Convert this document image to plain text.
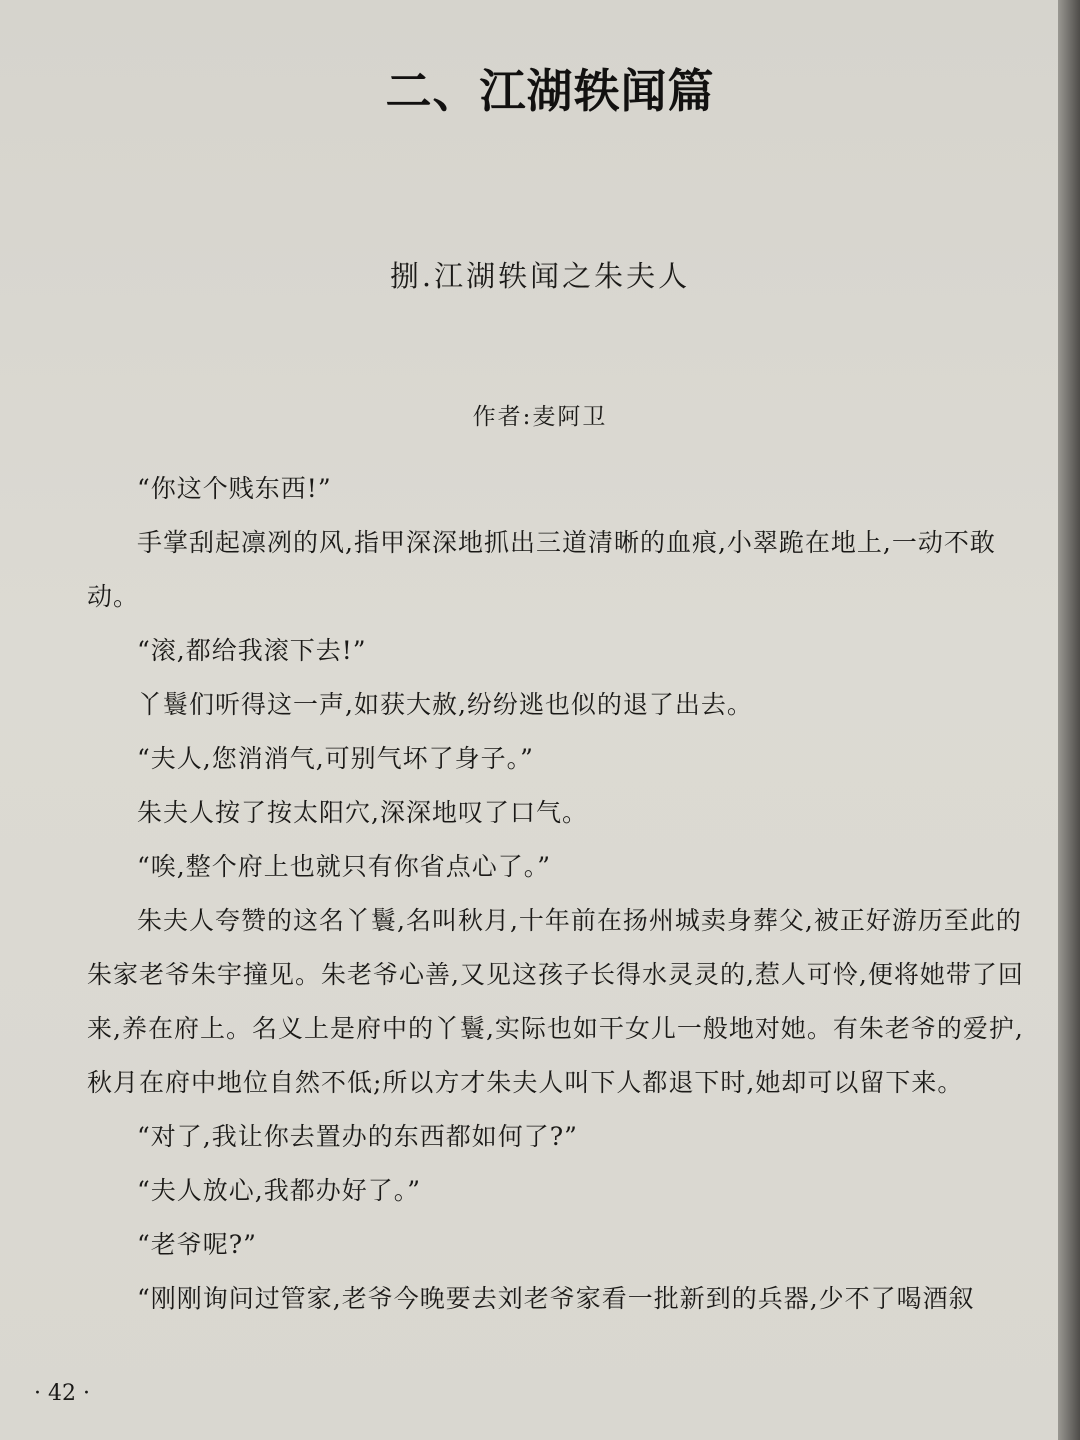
二、江湖轶闻篇
捌.江湖轶闻之朱夫人
作者:麦阿卫

“你这个贱东西!”

手掌刮起凛冽的风,指甲深深地抓出三道清晰的血痕,小翠跪在地上,一动不敢动。

“滚,都给我滚下去!”

丫鬟们听得这一声,如获大赦,纷纷逃也似的退了出去。

“夫人,您消消气,可别气坏了身子。”

朱夫人按了按太阳穴,深深地叹了口气。

“唉,整个府上也就只有你省点心了。”

朱夫人夸赞的这名丫鬟,名叫秋月,十年前在扬州城卖身葬父,被正好游历至此的朱家老爷朱宇撞见。朱老爷心善,又见这孩子长得水灵灵的,惹人可怜,便将她带了回来,养在府上。名义上是府中的丫鬟,实际也如干女儿一般地对她。有朱老爷的爱护,秋月在府中地位自然不低;所以方才朱夫人叫下人都退下时,她却可以留下来。

“对了,我让你去置办的东西都如何了?”

“夫人放心,我都办好了。”

“老爷呢?”

“刚刚询问过管家,老爷今晚要去刘老爷家看一批新到的兵器,少不了喝酒叙

· 42 ·
